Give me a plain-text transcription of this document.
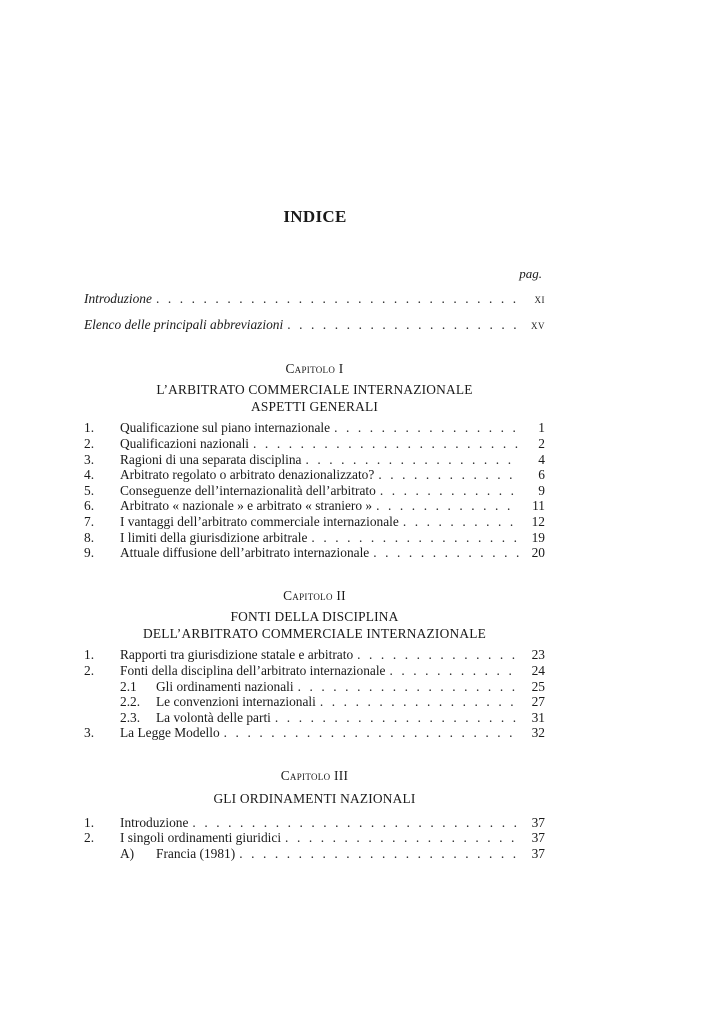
INDICE
pag.
Introduzione . . .	XI
Elenco delle principali abbreviazioni . . .	XV
Capitolo I
L’ARBITRATO COMMERCIALE INTERNAZIONALE
ASPETTI GENERALI
1.	Qualificazione sul piano internazionale . . .	1
2.	Qualificazioni nazionali . . .	2
3.	Ragioni di una separata disciplina . . .	4
4.	Arbitrato regolato o arbitrato denazionalizzato? . . .	6
5.	Conseguenze dell’internazionalità dell’arbitrato . . .	9
6.	Arbitrato « nazionale » e arbitrato « straniero » . . .	11
7.	I vantaggi dell’arbitrato commerciale internazionale . . .	12
8.	I limiti della giurisdizione arbitrale . . .	19
9.	Attuale diffusione dell’arbitrato internazionale . . .	20
Capitolo II
FONTI DELLA DISCIPLINA
DELL’ARBITRATO COMMERCIALE INTERNAZIONALE
1.	Rapporti tra giurisdizione statale e arbitrato . . .	23
2.	Fonti della disciplina dell’arbitrato internazionale . . .	24
2.1	Gli ordinamenti nazionali . . .	25
2.2.	Le convenzioni internazionali . . .	27
2.3.	La volontà delle parti . . .	31
3.	La Legge Modello . . .	32
Capitolo III
GLI ORDINAMENTI NAZIONALI
1.	Introduzione . . .	37
2.	I singoli ordinamenti giuridici . . .	37
A)	Francia (1981) . . .	37
